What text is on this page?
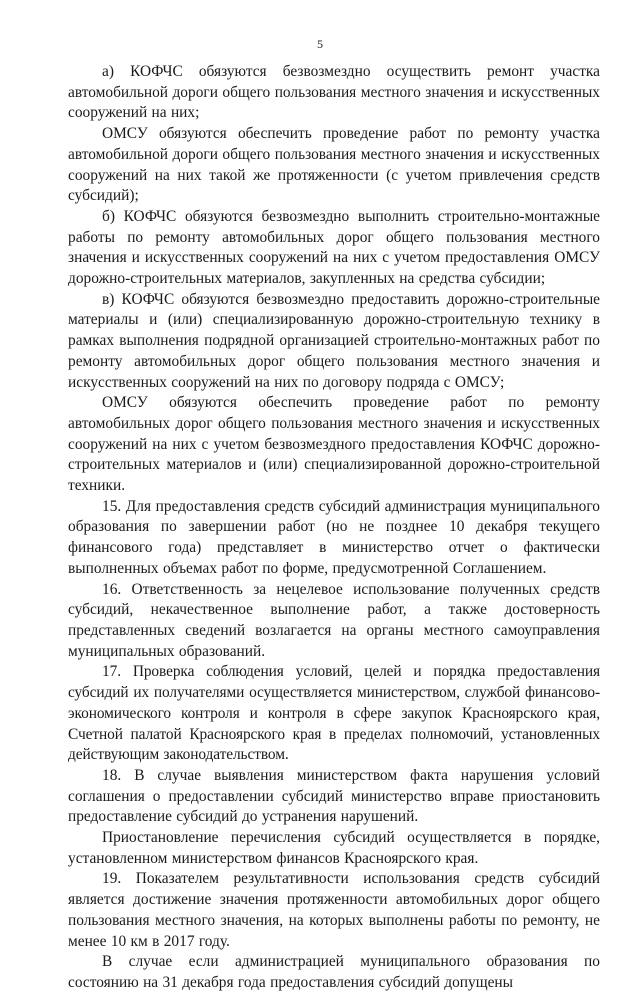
5

а) КОФЧС обязуются безвозмездно осуществить ремонт участка автомобильной дороги общего пользования местного значения и искусственных сооружений на них;

ОМСУ обязуются обеспечить проведение работ по ремонту участка автомобильной дороги общего пользования местного значения и искусственных сооружений на них такой же протяженности (с учетом привлечения средств субсидий);

б) КОФЧС обязуются безвозмездно выполнить строительно-монтажные работы по ремонту автомобильных дорог общего пользования местного значения и искусственных сооружений на них с учетом предоставления ОМСУ дорожно-строительных материалов, закупленных на средства субсидии;

в) КОФЧС обязуются безвозмездно предоставить дорожно-строительные материалы и (или) специализированную дорожно-строительную технику в рамках выполнения подрядной организацией строительно-монтажных работ по ремонту автомобильных дорог общего пользования местного значения и искусственных сооружений на них по договору подряда с ОМСУ;

ОМСУ обязуются обеспечить проведение работ по ремонту автомобильных дорог общего пользования местного значения и искусственных сооружений на них с учетом безвозмездного предоставления КОФЧС дорожно-строительных материалов и (или) специализированной дорожно-строительной техники.

15. Для предоставления средств субсидий администрация муниципального образования по завершении работ (но не позднее 10 декабря текущего финансового года) представляет в министерство отчет о фактически выполненных объемах работ по форме, предусмотренной Соглашением.

16. Ответственность за нецелевое использование полученных средств субсидий, некачественное выполнение работ, а также достоверность представленных сведений возлагается на органы местного самоуправления муниципальных образований.

17. Проверка соблюдения условий, целей и порядка предоставления субсидий их получателями осуществляется министерством, службой финансово-экономического контроля и контроля в сфере закупок Красноярского края, Счетной палатой Красноярского края в пределах полномочий, установленных действующим законодательством.

18. В случае выявления министерством факта нарушения условий соглашения о предоставлении субсидий министерство вправе приостановить предоставление субсидий до устранения нарушений.

Приостановление перечисления субсидий осуществляется в порядке, установленном министерством финансов Красноярского края.

19. Показателем результативности использования средств субсидий является достижение значения протяженности автомобильных дорог общего пользования местного значения, на которых выполнены работы по ремонту, не менее 10 км в 2017 году.

В случае если администрацией муниципального образования по состоянию на 31 декабря года предоставления субсидий допущены
